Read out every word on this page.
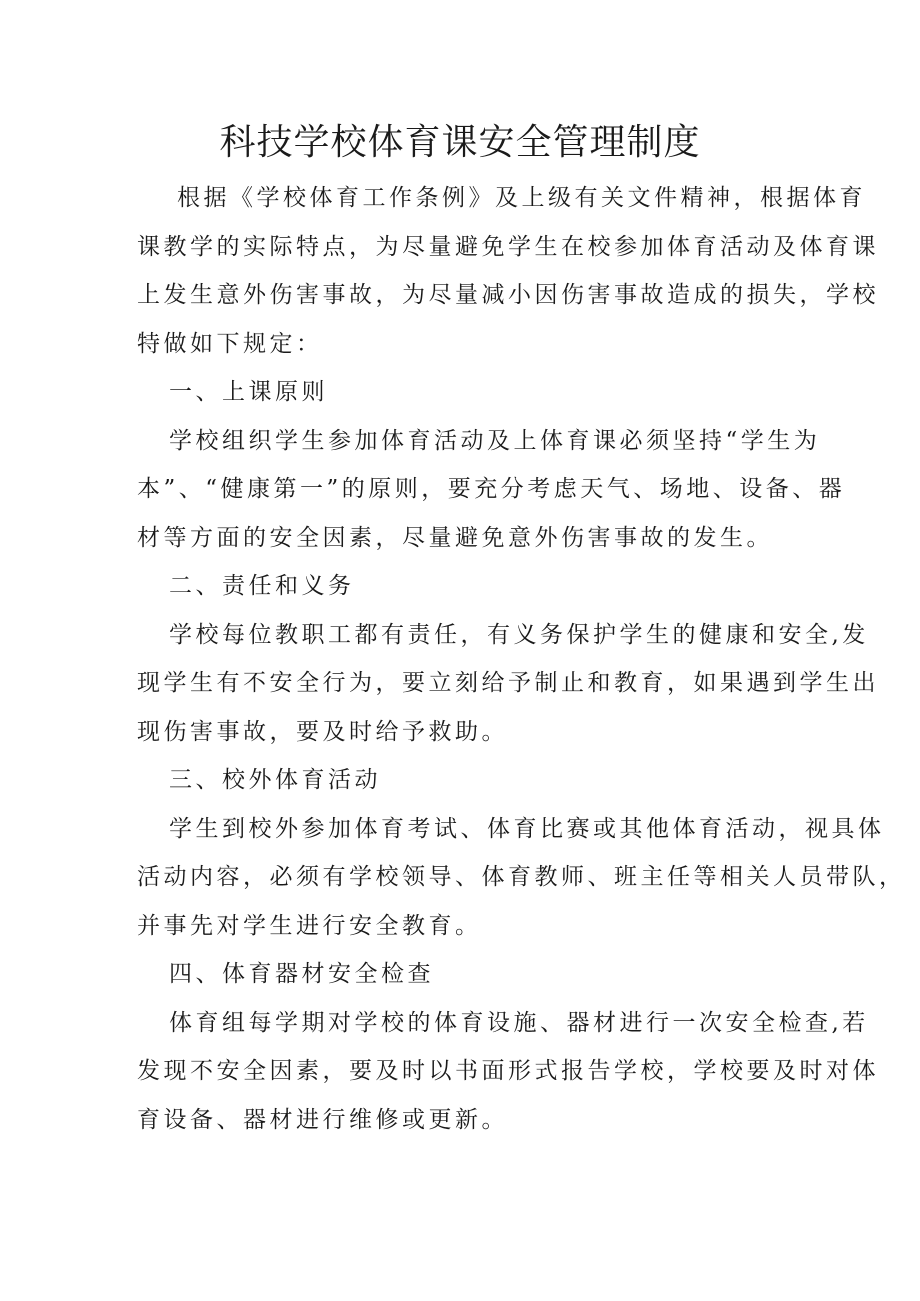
科技学校体育课安全管理制度
根据《学校体育工作条例》及上级有关文件精神，根据体育
课教学的实际特点，为尽量避免学生在校参加体育活动及体育课
上发生意外伤害事故，为尽量减小因伤害事故造成的损失，学校
特做如下规定：
一、上课原则
学校组织学生参加体育活动及上体育课必须坚持“学生为
本”、“健康第一”的原则，要充分考虑天气、场地、设备、器
材等方面的安全因素，尽量避免意外伤害事故的发生。
二、责任和义务
学校每位教职工都有责任，有义务保护学生的健康和安全,发
现学生有不安全行为，要立刻给予制止和教育，如果遇到学生出
现伤害事故，要及时给予救助。
三、校外体育活动
学生到校外参加体育考试、体育比赛或其他体育活动，视具体
活动内容，必须有学校领导、体育教师、班主任等相关人员带队，
并事先对学生进行安全教育。
四、体育器材安全检查
体育组每学期对学校的体育设施、器材进行一次安全检查,若
发现不安全因素，要及时以书面形式报告学校，学校要及时对体
育设备、器材进行维修或更新。
